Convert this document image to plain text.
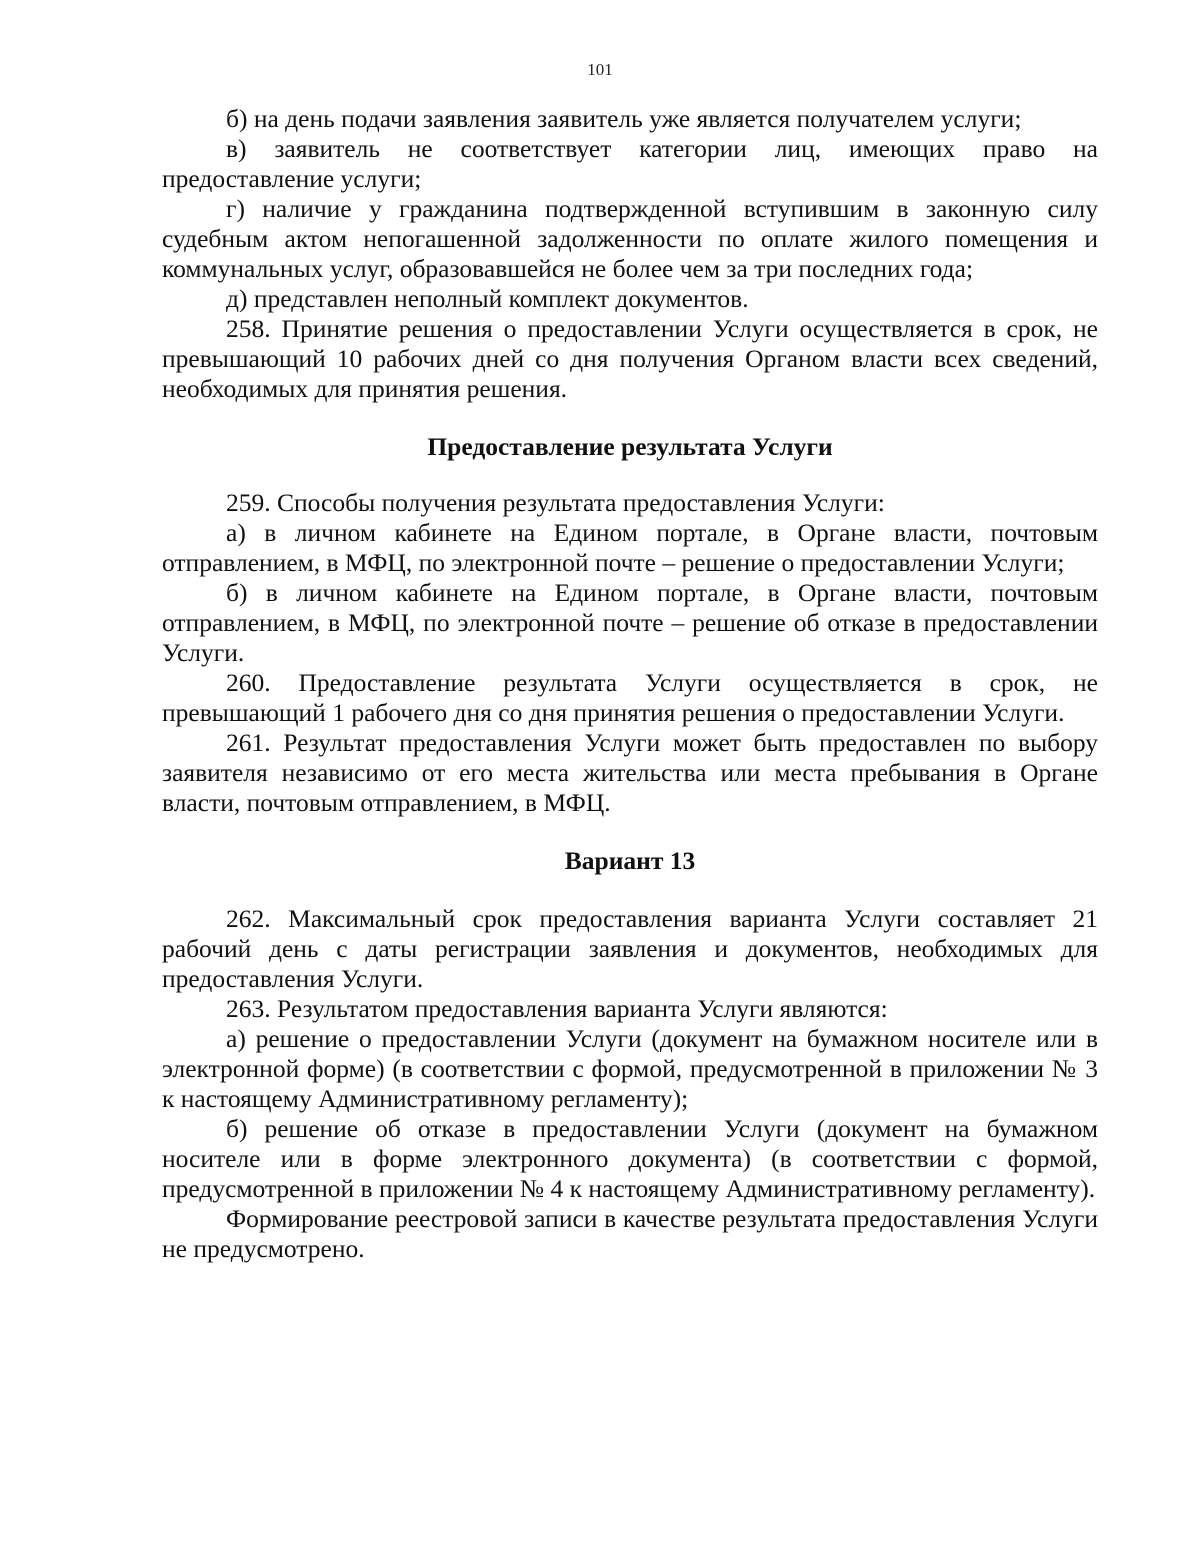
101

б) на день подачи заявления заявитель уже является получателем услуги;

в) заявитель не соответствует категории лиц, имеющих право на предоставление услуги;

г) наличие у гражданина подтвержденной вступившим в законную силу судебным актом непогашенной задолженности по оплате жилого помещения и коммунальных услуг, образовавшейся не более чем за три последних года;

д) представлен неполный комплект документов.

258. Принятие решения о предоставлении Услуги осуществляется в срок, не превышающий 10 рабочих дней со дня получения Органом власти всех сведений, необходимых для принятия решения.

Предоставление результата Услуги

259. Способы получения результата предоставления Услуги:

а) в личном кабинете на Едином портале, в Органе власти, почтовым отправлением, в МФЦ, по электронной почте – решение о предоставлении Услуги;

б) в личном кабинете на Едином портале, в Органе власти, почтовым отправлением, в МФЦ, по электронной почте – решение об отказе в предоставлении Услуги.

260. Предоставление результата Услуги осуществляется в срок, не превышающий 1 рабочего дня со дня принятия решения о предоставлении Услуги.

261. Результат предоставления Услуги может быть предоставлен по выбору заявителя независимо от его места жительства или места пребывания в Органе власти, почтовым отправлением, в МФЦ.

Вариант 13

262. Максимальный срок предоставления варианта Услуги составляет 21 рабочий день с даты регистрации заявления и документов, необходимых для предоставления Услуги.

263. Результатом предоставления варианта Услуги являются:

а) решение о предоставлении Услуги (документ на бумажном носителе или в электронной форме) (в соответствии с формой, предусмотренной в приложении № 3 к настоящему Административному регламенту);

б) решение об отказе в предоставлении Услуги (документ на бумажном носителе или в форме электронного документа) (в соответствии с формой, предусмотренной в приложении № 4 к настоящему Административному регламенту).

Формирование реестровой записи в качестве результата предоставления Услуги не предусмотрено.
